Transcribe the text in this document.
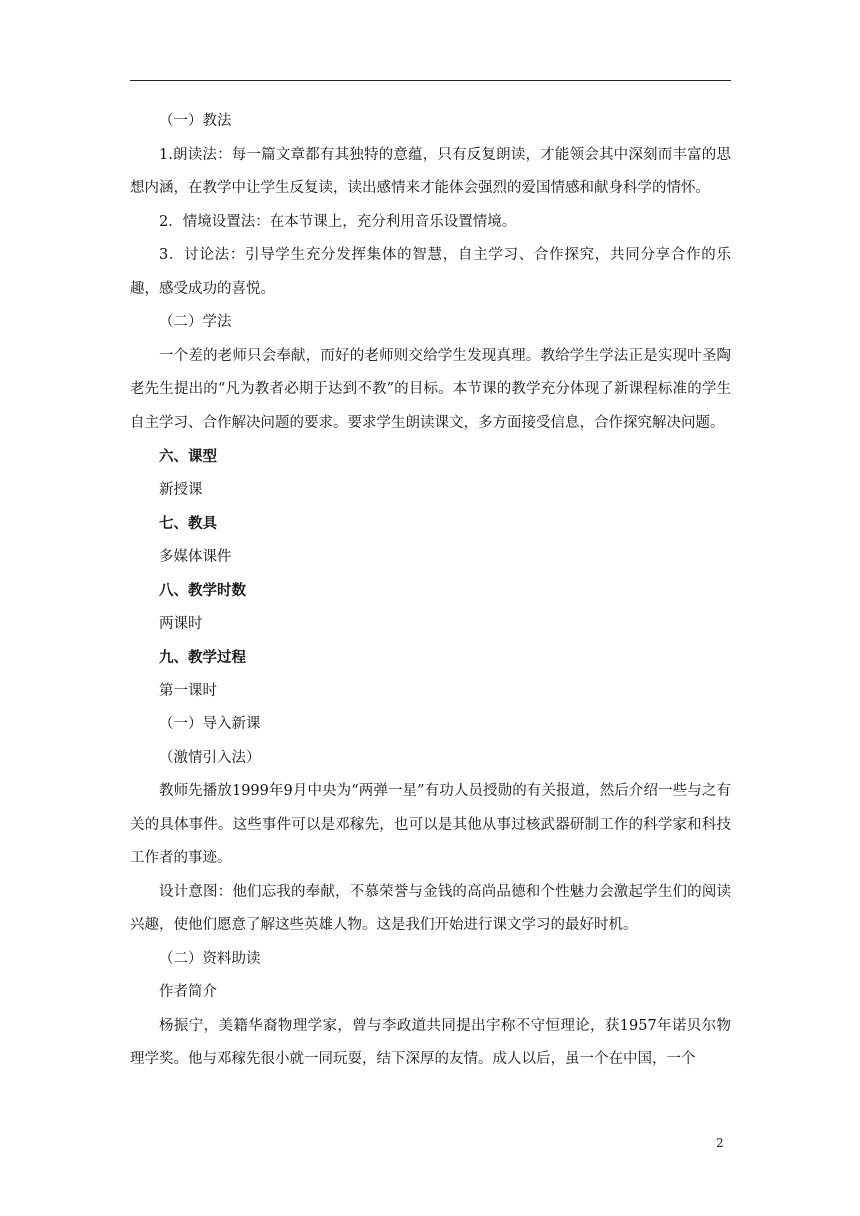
（一）教法

1.朗读法：每一篇文章都有其独特的意蕴，只有反复朗读，才能领会其中深刻而丰富的思想内涵，在教学中让学生反复读，读出感情来才能体会强烈的爱国情感和献身科学的情怀。

2．情境设置法：在本节课上，充分利用音乐设置情境。

3．讨论法：引导学生充分发挥集体的智慧，自主学习、合作探究，共同分享合作的乐趣，感受成功的喜悦。

（二）学法

一个差的老师只会奉献，而好的老师则交给学生发现真理。教给学生学法正是实现叶圣陶老先生提出的“凡为教者必期于达到不教”的目标。本节课的教学充分体现了新课程标准的学生自主学习、合作解决问题的要求。要求学生朗读课文，多方面接受信息，合作探究解决问题。

六、课型

新授课

七、教具

多媒体课件

八、教学时数

两课时

九、教学过程

第一课时

（一）导入新课

（激情引入法）

教师先播放1999年9月中央为“两弹一星”有功人员授勋的有关报道，然后介绍一些与之有关的具体事件。这些事件可以是邓稼先，也可以是其他从事过核武器研制工作的科学家和科技工作者的事迹。

设计意图：他们忘我的奉献，不慕荣誉与金钱的高尚品德和个性魅力会激起学生们的阅读兴趣，使他们愿意了解这些英雄人物。这是我们开始进行课文学习的最好时机。

（二）资料助读

作者简介

杨振宁，美籍华裔物理学家，曾与李政道共同提出宇称不守恒理论，获1957年诺贝尔物理学奖。他与邓稼先很小就一同玩耍，结下深厚的友情。成人以后，虽一个在中国，一个

2
